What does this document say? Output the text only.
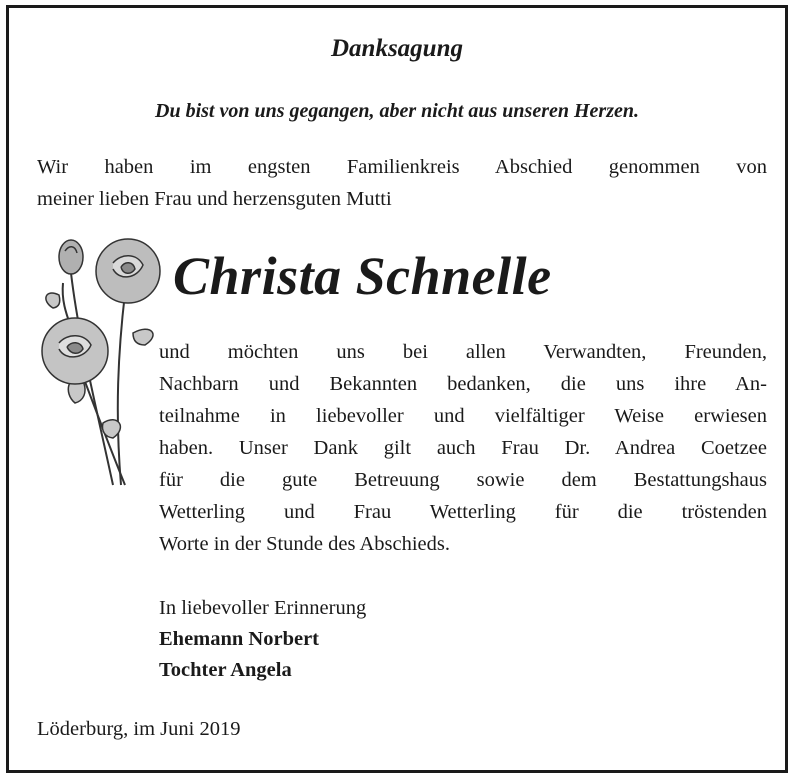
Danksagung
Du bist von uns gegangen, aber nicht aus unseren Herzen.
Wir haben im engsten Familienkreis Abschied genommen von
meiner lieben Frau und herzensguten Mutti
Christa Schnelle
und möchten uns bei allen Verwandten, Freunden,
Nachbarn und Bekannten bedanken, die uns ihre An-
teilnahme in liebevoller und vielfältiger Weise erwiesen
haben. Unser Dank gilt auch Frau Dr. Andrea Coetzee
für die gute Betreuung sowie dem Bestattungshaus
Wetterling und Frau Wetterling für die tröstenden
Worte in der Stunde des Abschieds.
In liebevoller Erinnerung
Ehemann Norbert
Tochter Angela
Löderburg, im Juni 2019
